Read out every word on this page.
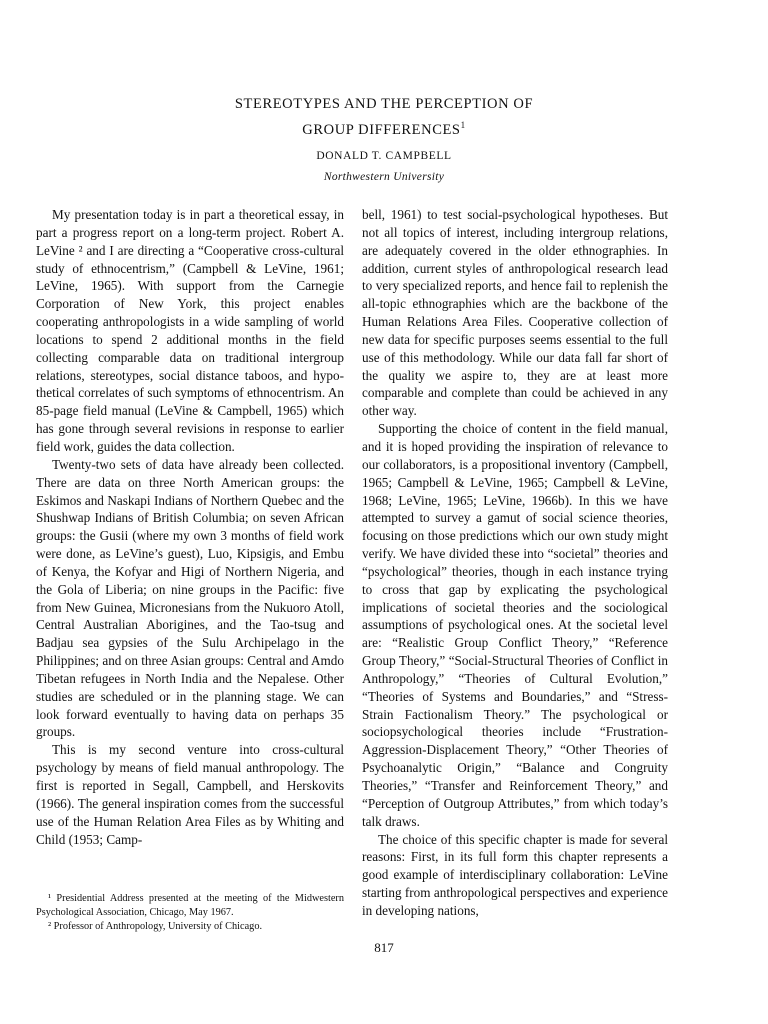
STEREOTYPES AND THE PERCEPTION OF
GROUP DIFFERENCES$^1$
DONALD T. CAMPBELL
Northwestern University

My presentation today is in part a theoretical essay, in part a progress report on a long-term project. Robert A. LeVine ² and I are directing a “Cooperative cross-cultural study of ethnocentrism,” (Campbell & LeVine, 1961; LeVine, 1965). With support from the Carnegie Corporation of New York, this project enables cooperating anthropologists in a wide sampling of world locations to spend 2 additional months in the field collecting comparable data on traditional intergroup relations, stereotypes, social distance taboos, and hypothetical correlates of such symptoms of ethnocentrism. An 85-page field manual (LeVine & Campbell, 1965) which has gone through several revisions in response to earlier field work, guides the data collection.

Twenty-two sets of data have already been collected. There are data on three North American groups: the Eskimos and Naskapi Indians of Northern Quebec and the Shushwap Indians of British Columbia; on seven African groups: the Gusii (where my own 3 months of field work were done, as LeVine’s guest), Luo, Kipsigis, and Embu of Kenya, the Kofyar and Higi of Northern Nigeria, and the Gola of Liberia; on nine groups in the Pacific: five from New Guinea, Micronesians from the Nukuoro Atoll, Central Australian Aborigines, and the Tao-tsug and Badjau sea gypsies of the Sulu Archipelago in the Philippines; and on three Asian groups: Central and Amdo Tibetan refugees in North India and the Nepalese. Other studies are scheduled or in the planning stage. We can look forward eventually to having data on perhaps 35 groups.

This is my second venture into cross-cultural psychology by means of field manual anthropology. The first is reported in Segall, Campbell, and Herskovits (1966). The general inspiration comes from the successful use of the Human Relation Area Files as by Whiting and Child (1953; Camp-

¹ Presidential Address presented at the meeting of the Midwestern Psychological Association, Chicago, May 1967.

² Professor of Anthropology, University of Chicago.

bell, 1961) to test social-psychological hypotheses. But not all topics of interest, including intergroup relations, are adequately covered in the older ethnographies. In addition, current styles of anthropological research lead to very specialized reports, and hence fail to replenish the all-topic ethnographies which are the backbone of the Human Relations Area Files. Cooperative collection of new data for specific purposes seems essential to the full use of this methodology. While our data fall far short of the quality we aspire to, they are at least more comparable and complete than could be achieved in any other way.

Supporting the choice of content in the field manual, and it is hoped providing the inspiration of relevance to our collaborators, is a propositional inventory (Campbell, 1965; Campbell & LeVine, 1965; Campbell & LeVine, 1968; LeVine, 1965; LeVine, 1966b). In this we have attempted to survey a gamut of social science theories, focusing on those predictions which our own study might verify. We have divided these into “societal” theories and “psychological” theories, though in each instance trying to cross that gap by explicating the psychological implications of societal theories and the sociological assumptions of psychological ones. At the societal level are: “Realistic Group Conflict Theory,” “Reference Group Theory,” “Social-Structural Theories of Conflict in Anthropology,” “Theories of Cultural Evolution,” “Theories of Systems and Boundaries,” and “Stress-Strain Factionalism Theory.” The psychological or sociopsychological theories include “Frustration-Aggression-Displacement Theory,” “Other Theories of Psychoanalytic Origin,” “Balance and Congruity Theories,” “Transfer and Reinforcement Theory,” and “Perception of Outgroup Attributes,” from which today’s talk draws.

The choice of this specific chapter is made for several reasons: First, in its full form this chapter represents a good example of interdisciplinary collaboration: LeVine starting from anthropological perspectives and experience in developing nations,

817
